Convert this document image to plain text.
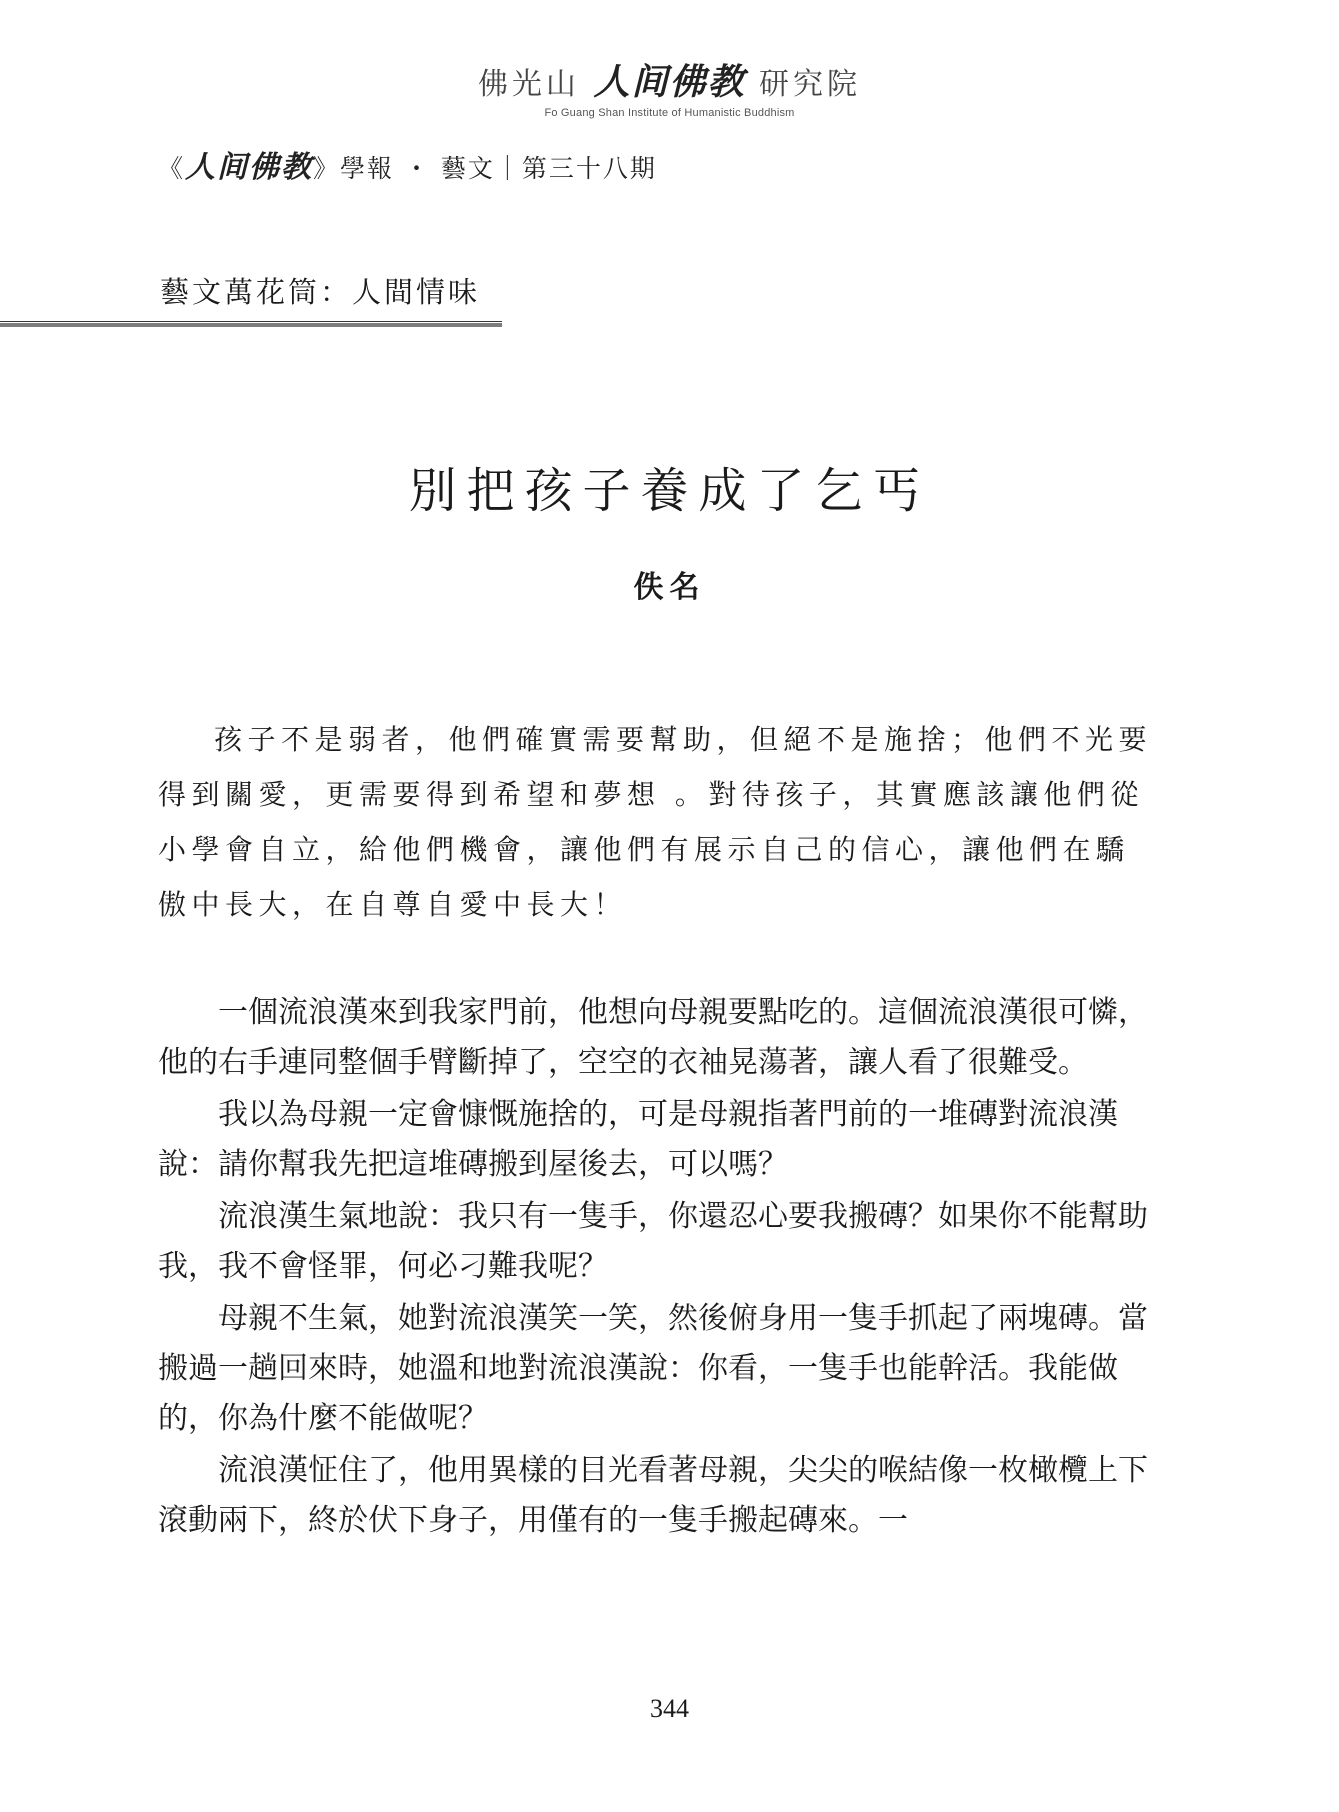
佛光山 人间佛教 研究院
Fo Guang Shan Institute of Humanistic Buddhism
《人间佛教》學報 ・ 藝文｜第三十八期
藝文萬花筒：人間情味
別把孩子養成了乞丐
佚名

孩子不是弱者，他們確實需要幫助，但絕不是施捨；他們不光要得到關愛，更需要得到希望和夢想 。對待孩子，其實應該讓他們從小學會自立，給他們機會，讓他們有展示自己的信心，讓他們在驕傲中長大，在自尊自愛中長大！

一個流浪漢來到我家門前，他想向母親要點吃的。這個流浪漢很可憐，他的右手連同整個手臂斷掉了，空空的衣袖晃蕩著，讓人看了很難受。

我以為母親一定會慷慨施捨的，可是母親指著門前的一堆磚對流浪漢說：請你幫我先把這堆磚搬到屋後去，可以嗎？

流浪漢生氣地說：我只有一隻手，你還忍心要我搬磚？如果你不能幫助我，我不會怪罪，何必刁難我呢？

母親不生氣，她對流浪漢笑一笑，然後俯身用一隻手抓起了兩塊磚。當搬過一趟回來時，她溫和地對流浪漢說：你看，一隻手也能幹活。我能做的，你為什麼不能做呢？

流浪漢怔住了，他用異樣的目光看著母親，尖尖的喉結像一枚橄欖上下滾動兩下，終於伏下身子，用僅有的一隻手搬起磚來。一

344
